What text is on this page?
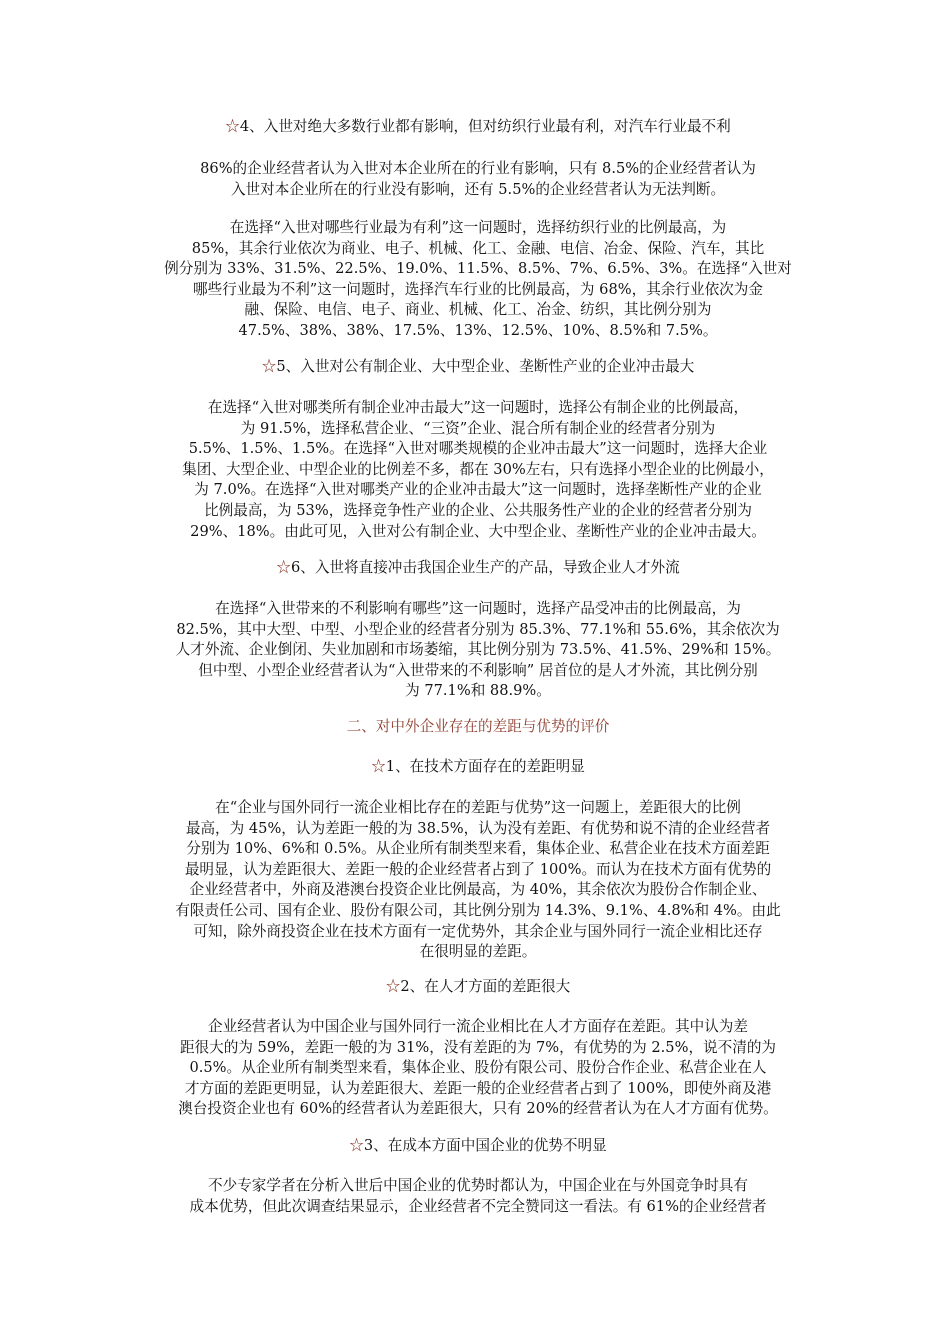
☆4、入世对绝大多数行业都有影响，但对纺织行业最有利，对汽车行业最不利

86%的企业经营者认为入世对本企业所在的行业有影响，只有 8.5%的企业经营者认为
入世对本企业所在的行业没有影响，还有 5.5%的企业经营者认为无法判断。

在选择“入世对哪些行业最为有利”这一问题时，选择纺织行业的比例最高，为
85%，其余行业依次为商业、电子、机械、化工、金融、电信、冶金、保险、汽车，其比
例分别为 33%、31.5%、22.5%、19.0%、11.5%、8.5%、7%、6.5%、3%。在选择“入世对
哪些行业最为不利”这一问题时，选择汽车行业的比例最高，为 68%，其余行业依次为金
融、保险、电信、电子、商业、机械、化工、冶金、纺织，其比例分别为
47.5%、38%、38%、17.5%、13%、12.5%、10%、8.5%和 7.5%。

☆5、入世对公有制企业、大中型企业、垄断性产业的企业冲击最大

在选择“入世对哪类所有制企业冲击最大”这一问题时，选择公有制企业的比例最高，
为 91.5%，选择私营企业、“三资”企业、混合所有制企业的经营者分别为
5.5%、1.5%、1.5%。在选择“入世对哪类规模的企业冲击最大”这一问题时，选择大企业
集团、大型企业、中型企业的比例差不多，都在 30%左右，只有选择小型企业的比例最小，
为 7.0%。在选择“入世对哪类产业的企业冲击最大”这一问题时，选择垄断性产业的企业
比例最高，为 53%，选择竞争性产业的企业、公共服务性产业的企业的经营者分别为
29%、18%。由此可见，入世对公有制企业、大中型企业、垄断性产业的企业冲击最大。

☆6、入世将直接冲击我国企业生产的产品，导致企业人才外流

在选择“入世带来的不利影响有哪些”这一问题时，选择产品受冲击的比例最高，为
82.5%，其中大型、中型、小型企业的经营者分别为 85.3%、77.1%和 55.6%，其余依次为
人才外流、企业倒闭、失业加剧和市场萎缩，其比例分别为 73.5%、41.5%、29%和 15%。
但中型、小型企业经营者认为“入世带来的不利影响” 居首位的是人才外流，其比例分别
为 77.1%和 88.9%。

二、对中外企业存在的差距与优势的评价

☆1、在技术方面存在的差距明显

在“企业与国外同行一流企业相比存在的差距与优势”这一问题上，差距很大的比例
最高，为 45%，认为差距一般的为 38.5%，认为没有差距、有优势和说不清的企业经营者
分别为 10%、6%和 0.5%。从企业所有制类型来看，集体企业、私营企业在技术方面差距
最明显，认为差距很大、差距一般的企业经营者占到了 100%。而认为在技术方面有优势的
企业经营者中，外商及港澳台投资企业比例最高，为 40%，其余依次为股份合作制企业、
有限责任公司、国有企业、股份有限公司，其比例分别为 14.3%、9.1%、4.8%和 4%。由此
可知，除外商投资企业在技术方面有一定优势外，其余企业与国外同行一流企业相比还存
在很明显的差距。

☆2、在人才方面的差距很大

企业经营者认为中国企业与国外同行一流企业相比在人才方面存在差距。其中认为差
距很大的为 59%，差距一般的为 31%，没有差距的为 7%，有优势的为 2.5%，说不清的为
0.5%。从企业所有制类型来看，集体企业、股份有限公司、股份合作企业、私营企业在人
才方面的差距更明显，认为差距很大、差距一般的企业经营者占到了 100%，即使外商及港
澳台投资企业也有 60%的经营者认为差距很大，只有 20%的经营者认为在人才方面有优势。

☆3、在成本方面中国企业的优势不明显

不少专家学者在分析入世后中国企业的优势时都认为，中国企业在与外国竞争时具有
成本优势，但此次调查结果显示，企业经营者不完全赞同这一看法。有 61%的企业经营者
